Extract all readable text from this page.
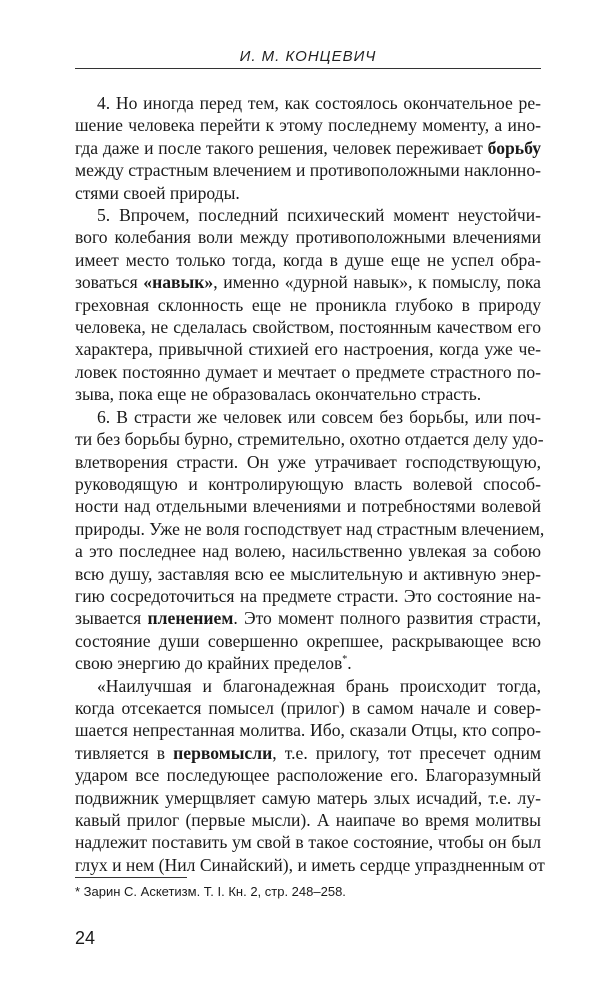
И. М. КОНЦЕВИЧ
4. Но иногда перед тем, как состоялось окончательное ре-
шение человека перейти к этому последнему моменту, а ино-
гда даже и после такого решения, человек переживает борьбу
между страстным влечением и противоположными наклонно-
стями своей природы.
5. Впрочем, последний психический момент неустойчи-
вого колебания воли между противоположными влечениями
имеет место только тогда, когда в душе еще не успел обра-
зоваться «навык», именно «дурной навык», к помыслу, пока
греховная склонность еще не проникла глубоко в природу
человека, не сделалась свойством, постоянным качеством его
характера, привычной стихией его настроения, когда уже че-
ловек постоянно думает и мечтает о предмете страстного по-
зыва, пока еще не образовалась окончательно страсть.
6. В страсти же человек или совсем без борьбы, или поч-
ти без борьбы бурно, стремительно, охотно отдается делу удо-
влетворения страсти. Он уже утрачивает господствующую,
руководящую и контролирующую власть волевой способ-
ности над отдельными влечениями и потребностями волевой
природы. Уже не воля господствует над страстным влечением,
а это последнее над волею, насильственно увлекая за собою
всю душу, заставляя всю ее мыслительную и активную энер-
гию сосредоточиться на предмете страсти. Это состояние на-
зывается пленением. Это момент полного развития страсти,
состояние души совершенно окрепшее, раскрывающее всю
свою энергию до крайних пределов*.
«Наилучшая и благонадежная брань происходит тогда,
когда отсекается помысел (прилог) в самом начале и совер-
шается непрестанная молитва. Ибо, сказали Отцы, кто сопро-
тивляется в первомысли, т.е. прилогу, тот пресечет одним
ударом все последующее расположение его. Благоразумный
подвижник умерщвляет самую матерь злых исчадий, т.е. лу-
кавый прилог (первые мысли). А наипаче во время молитвы
надлежит поставить ум свой в такое состояние, чтобы он был
глух и нем (Нил Синайский), и иметь сердце упраздненным от
* Зарин С. Аскетизм. Т. I. Кн. 2, стр. 248–258.
24
